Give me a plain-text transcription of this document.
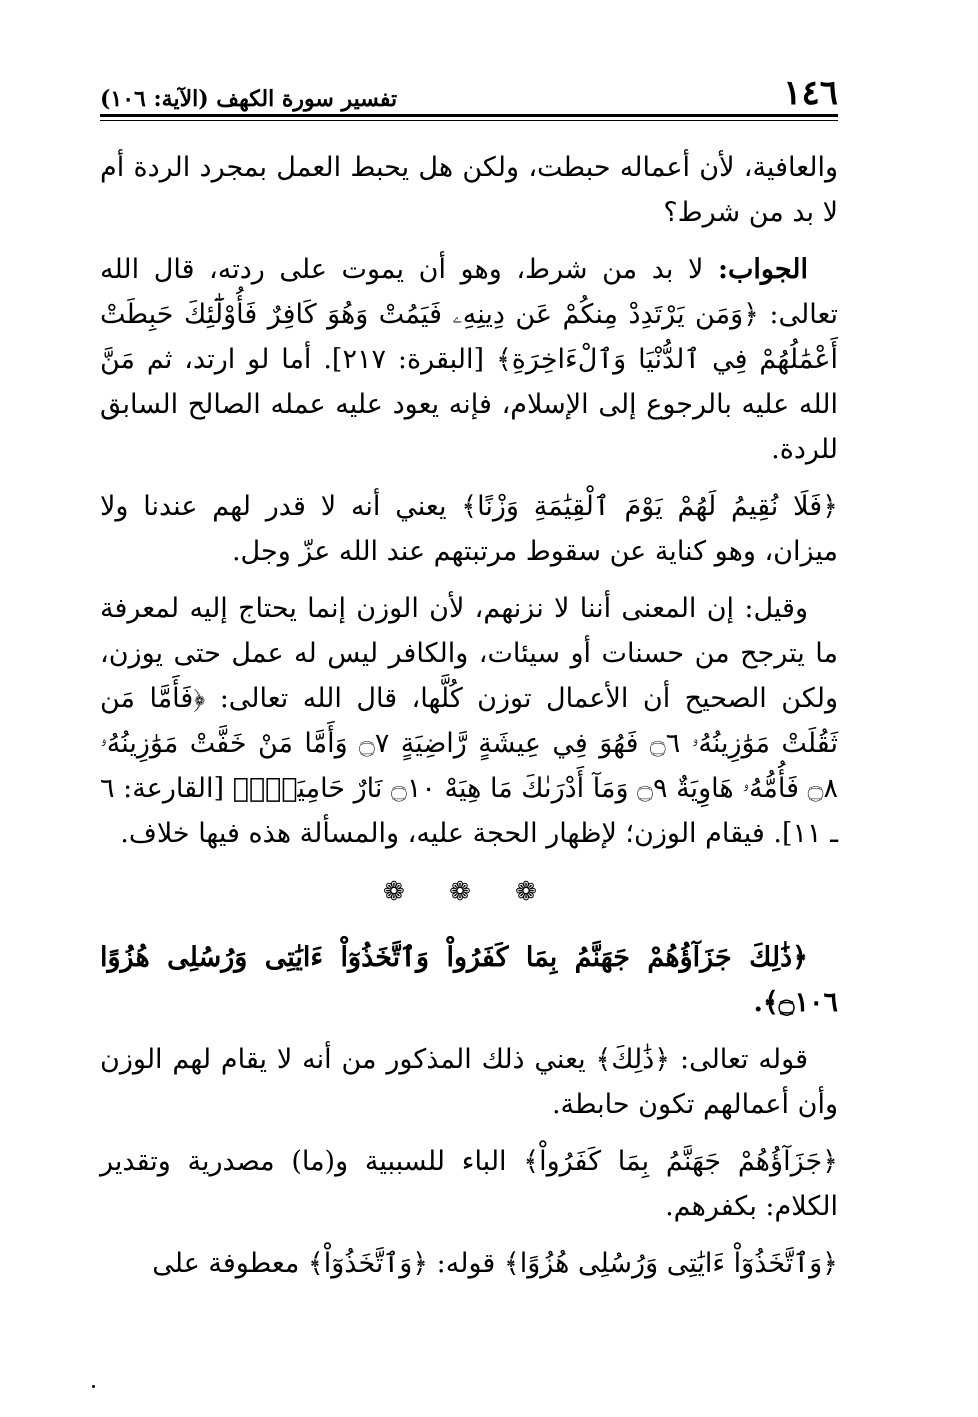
١٤٦
تفسير سورة الكهف (الآية: ١٠٦)

والعافية، لأن أعماله حبطت، ولكن هل يحبط العمل بمجرد الردة أم لا بد من شرط؟

الجواب: لا بد من شرط، وهو أن يموت على ردته، قال الله تعالى: ﴿وَمَن يَرْتَدِدْ مِنكُمْ عَن دِينِهِۦ فَيَمُتْ وَهُوَ كَافِرٌ فَأُوْلَٰٓئِكَ حَبِطَتْ أَعْمَٰلُهُمْ فِي ٱلدُّنْيَا وَٱلْءَاخِرَةِ﴾ [البقرة: ٢١٧]. أما لو ارتد، ثم مَنَّ الله عليه بالرجوع إلى الإسلام، فإنه يعود عليه عمله الصالح السابق للردة.

﴿فَلَا نُقِيمُ لَهُمْ يَوْمَ ٱلْقِيَٰمَةِ وَزْنًا﴾ يعني أنه لا قدر لهم عندنا ولا ميزان، وهو كناية عن سقوط مرتبتهم عند الله عزّ وجل.

وقيل: إن المعنى أننا لا نزنهم، لأن الوزن إنما يحتاج إليه لمعرفة ما يترجح من حسنات أو سيئات، والكافر ليس له عمل حتى يوزن، ولكن الصحيح أن الأعمال توزن كُلَّها، قال الله تعالى: ﴿فَأَمَّا مَن ثَقُلَتْ مَوَٰزِينُهُۥ ۝٦ فَهُوَ فِي عِيشَةٍ رَّاضِيَةٍ ۝٧ وَأَمَّا مَنْ خَفَّتْ مَوَٰزِينُهُۥ ۝٨ فَأُمُّهُۥ هَاوِيَةٌ ۝٩ وَمَآ أَدْرَىٰكَ مَا هِيَهْ ۝١٠ نَارٌ حَامِيَةٌۢ﴾ [القارعة: ٦ ـ ١١]. فيقام الوزن؛ لإظهار الحجة عليه، والمسألة هذه فيها خلاف.

❁ ❁ ❁

﴿ذَٰلِكَ جَزَآؤُهُمْ جَهَنَّمُ بِمَا كَفَرُواْ وَٱتَّخَذُوٓاْ ءَايَٰتِى وَرُسُلِى هُزُوًا ۝١٠٦﴾.

قوله تعالى: ﴿ذَٰلِكَ﴾ يعني ذلك المذكور من أنه لا يقام لهم الوزن وأن أعمالهم تكون حابطة.

﴿جَزَآؤُهُمْ جَهَنَّمُ بِمَا كَفَرُواْ﴾ الباء للسببية و(ما) مصدرية وتقدير الكلام: بكفرهم.

﴿وَٱتَّخَذُوٓاْ ءَايَٰتِى وَرُسُلِى هُزُوًا﴾ قوله: ﴿وَٱتَّخَذُوٓاْ﴾ معطوفة على
